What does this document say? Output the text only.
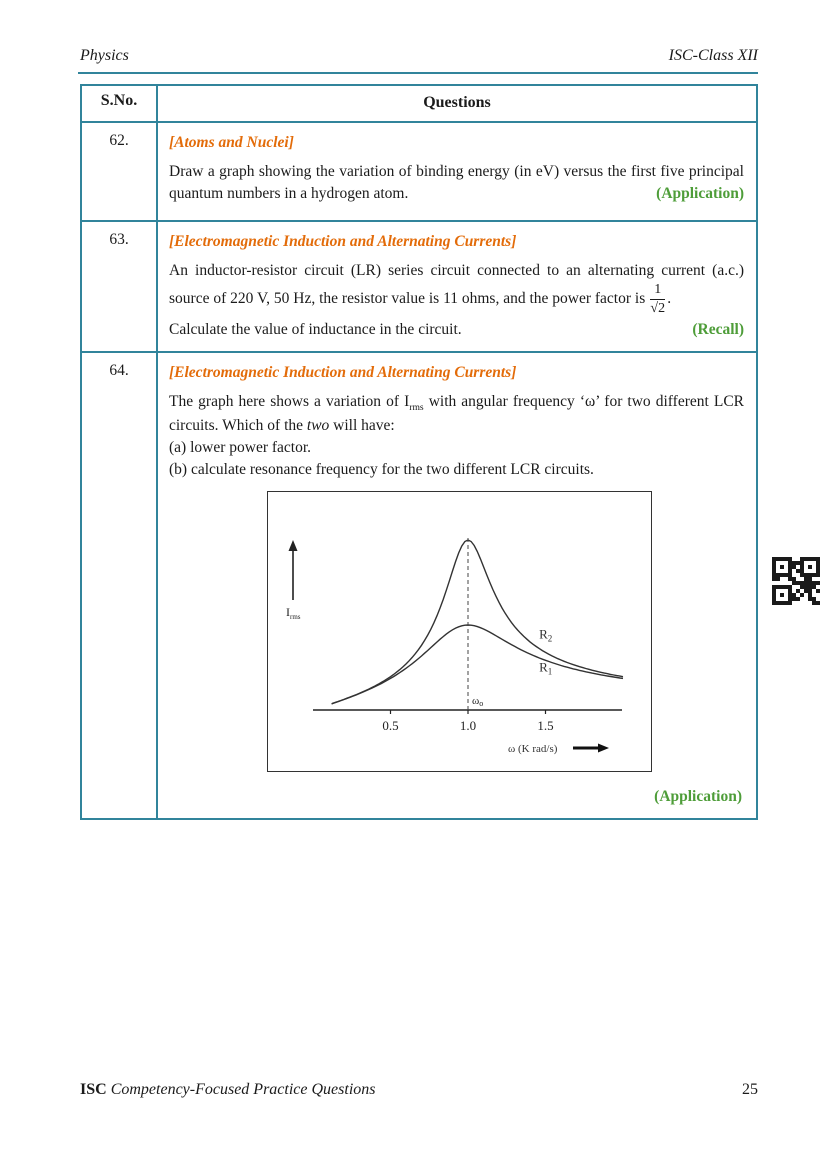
Physics	ISC-Class XII
S.No.	Questions
62.	[Atoms and Nuclei]

Draw a graph showing the variation of binding energy (in eV) versus the first five principal quantum numbers in a hydrogen atom.	(Application)

63.	[Electromagnetic Induction and Alternating Currents]

An inductor-resistor circuit (LR) series circuit connected to an alternating current (a.c.) source of 220 V, 50 Hz, the resistor value is 11 ohms, and the power factor is $\frac{1}{√2}$ .

Calculate the value of inductance in the circuit.	(Recall)

64.	[Electromagnetic Induction and Alternating Currents]

The graph here shows a variation of $I_{rms}$ with angular frequency ‘ω’ for two different LCR circuits. Which of the two will have:

(a) lower power factor.
(b) calculate resonance frequency for the two different LCR circuits.
0.5	1.0	1.5
$I_{rms}$
$R_2$
$R_1$
ωo
ω (K rad/s)
(Application)
ISC Competency-Focused Practice Questions	25
